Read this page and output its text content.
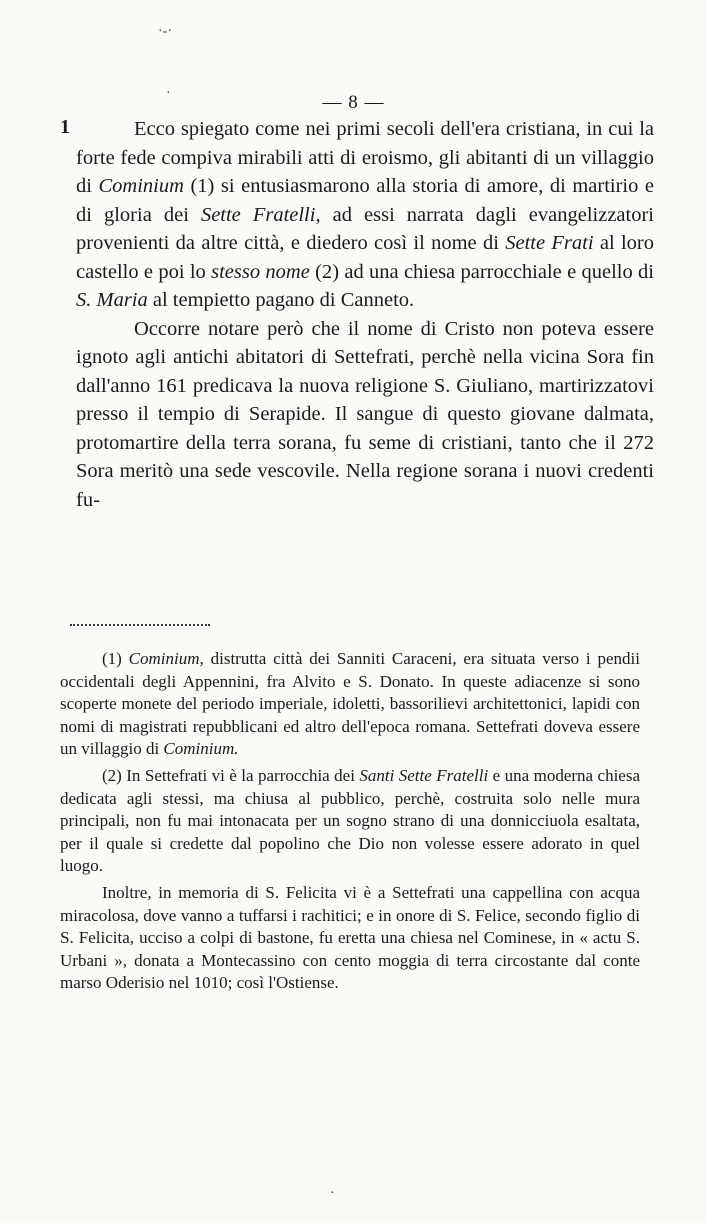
·-·
·	— 8 —
1	Ecco spiegato come nei primi secoli dell'era cristiana, in cui la forte fede compiva mirabili atti di eroismo, gli abitanti di un villaggio di Cominium (1) si entusiasmarono alla storia di amore, di martirio e di gloria dei Sette Fratelli, ad essi narrata dagli evangelizzatori provenienti da altre città, e diedero così il nome di Sette Frati al loro castello e poi lo stesso nome (2) ad una chiesa parrocchiale e quello di S. Maria al tempietto pagano di Canneto.

Occorre notare però che il nome di Cristo non poteva essere ignoto agli antichi abitatori di Settefrati, perchè nella vicina Sora fin dall'anno 161 predicava la nuova religione S. Giuliano, martirizzatovi presso il tempio di Serapide. Il sangue di questo giovane dalmata, protomartire della terra sorana, fu seme di cristiani, tanto che il 272 Sora meritò una sede vescovile. Nella regione sorana i nuovi credenti fu-

(1) Cominium, distrutta città dei Sanniti Caraceni, era situata verso i pendii occidentali degli Appennini, fra Alvito e S. Donato. In queste adiacenze si sono scoperte monete del periodo imperiale, idoletti, bassorilievi architettonici, lapidi con nomi di magistrati repubblicani ed altro dell'epoca romana. Settefrati doveva essere un villaggio di Cominium.

(2) In Settefrati vi è la parrocchia dei Santi Sette Fratelli e una moderna chiesa dedicata agli stessi, ma chiusa al pubblico, perchè, costruita solo nelle mura principali, non fu mai intonacata per un sogno strano di una donnicciuola esaltata, per il quale si credette dal popolino che Dio non volesse essere adorato in quel luogo.

Inoltre, in memoria di S. Felicita vi è a Settefrati una cappellina con acqua miracolosa, dove vanno a tuffarsi i rachitici; e in onore di S. Felice, secondo figlio di S. Felicita, ucciso a colpi di bastone, fu eretta una chiesa nel Cominese, in « actu S. Urbani », donata a Montecassino con cento moggia di terra circostante dal conte marso Oderisio nel 1010; così l'Ostiense.

·
